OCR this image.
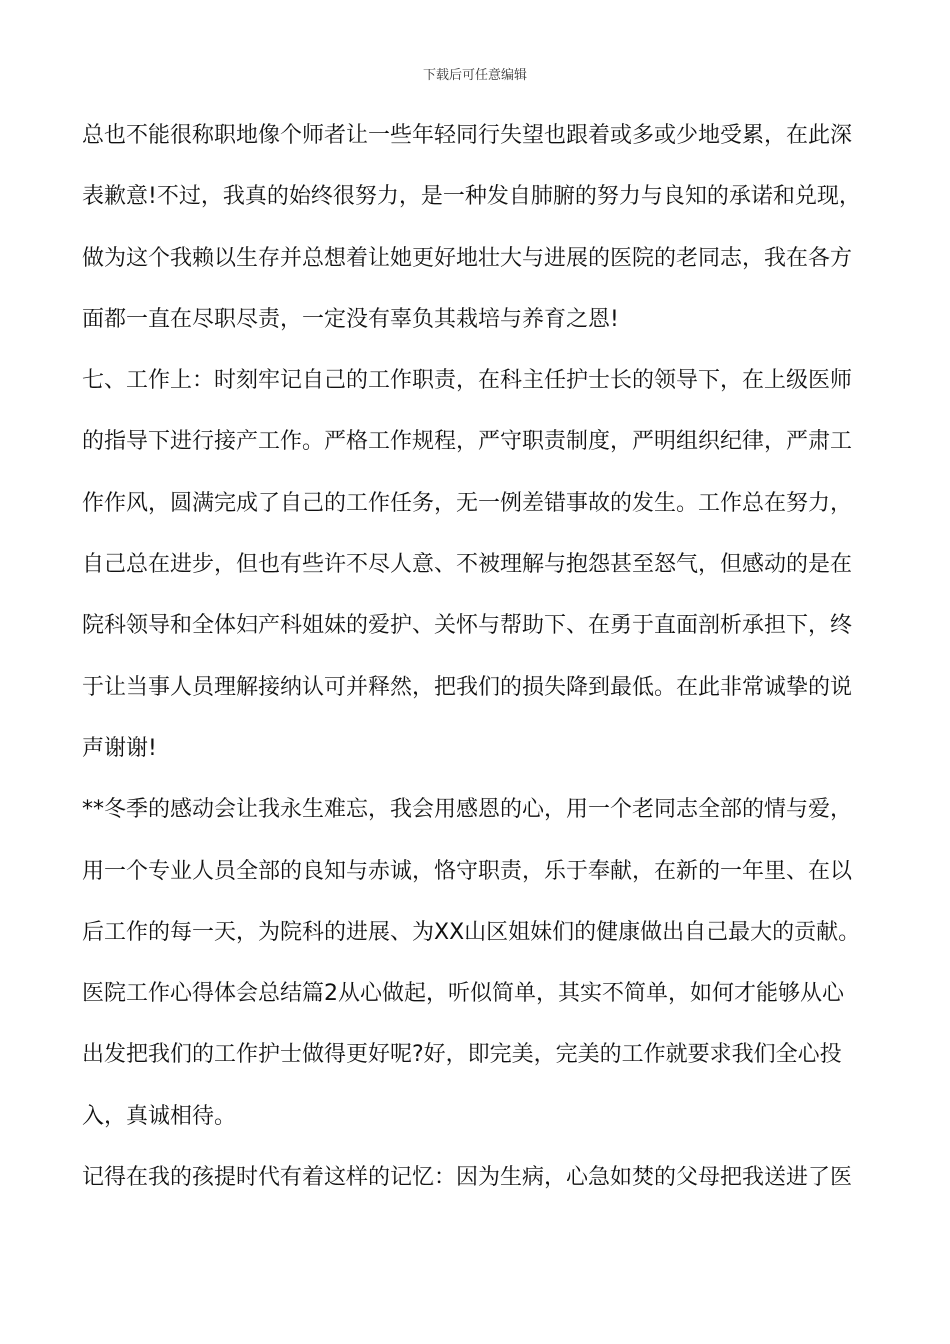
下载后可任意编辑
总也不能很称职地像个师者让一些年轻同行失望也跟着或多或少地受累，在此深
表歉意!不过，我真的始终很努力，是一种发自肺腑的努力与良知的承诺和兑现，
做为这个我赖以生存并总想着让她更好地壮大与进展的医院的老同志，我在各方
面都一直在尽职尽责，一定没有辜负其栽培与养育之恩!
七、工作上：时刻牢记自己的工作职责，在科主任护士长的领导下，在上级医师
的指导下进行接产工作。严格工作规程，严守职责制度，严明组织纪律，严肃工
作作风，圆满完成了自己的工作任务，无一例差错事故的发生。工作总在努力，
自己总在进步，但也有些许不尽人意、不被理解与抱怨甚至怒气，但感动的是在
院科领导和全体妇产科姐妹的爱护、关怀与帮助下、在勇于直面剖析承担下，终
于让当事人员理解接纳认可并释然，把我们的损失降到最低。在此非常诚挚的说
声谢谢!
**冬季的感动会让我永生难忘，我会用感恩的心，用一个老同志全部的情与爱，
用一个专业人员全部的良知与赤诚，恪守职责，乐于奉献，在新的一年里、在以
后工作的每一天，为院科的进展、为XX山区姐妹们的健康做出自己最大的贡献。
医院工作心得体会总结篇2从心做起，听似简单，其实不简单，如何才能够从心
出发把我们的工作护士做得更好呢?好，即完美，完美的工作就要求我们全心投
入，真诚相待。
记得在我的孩提时代有着这样的记忆：因为生病，心急如焚的父母把我送进了医
